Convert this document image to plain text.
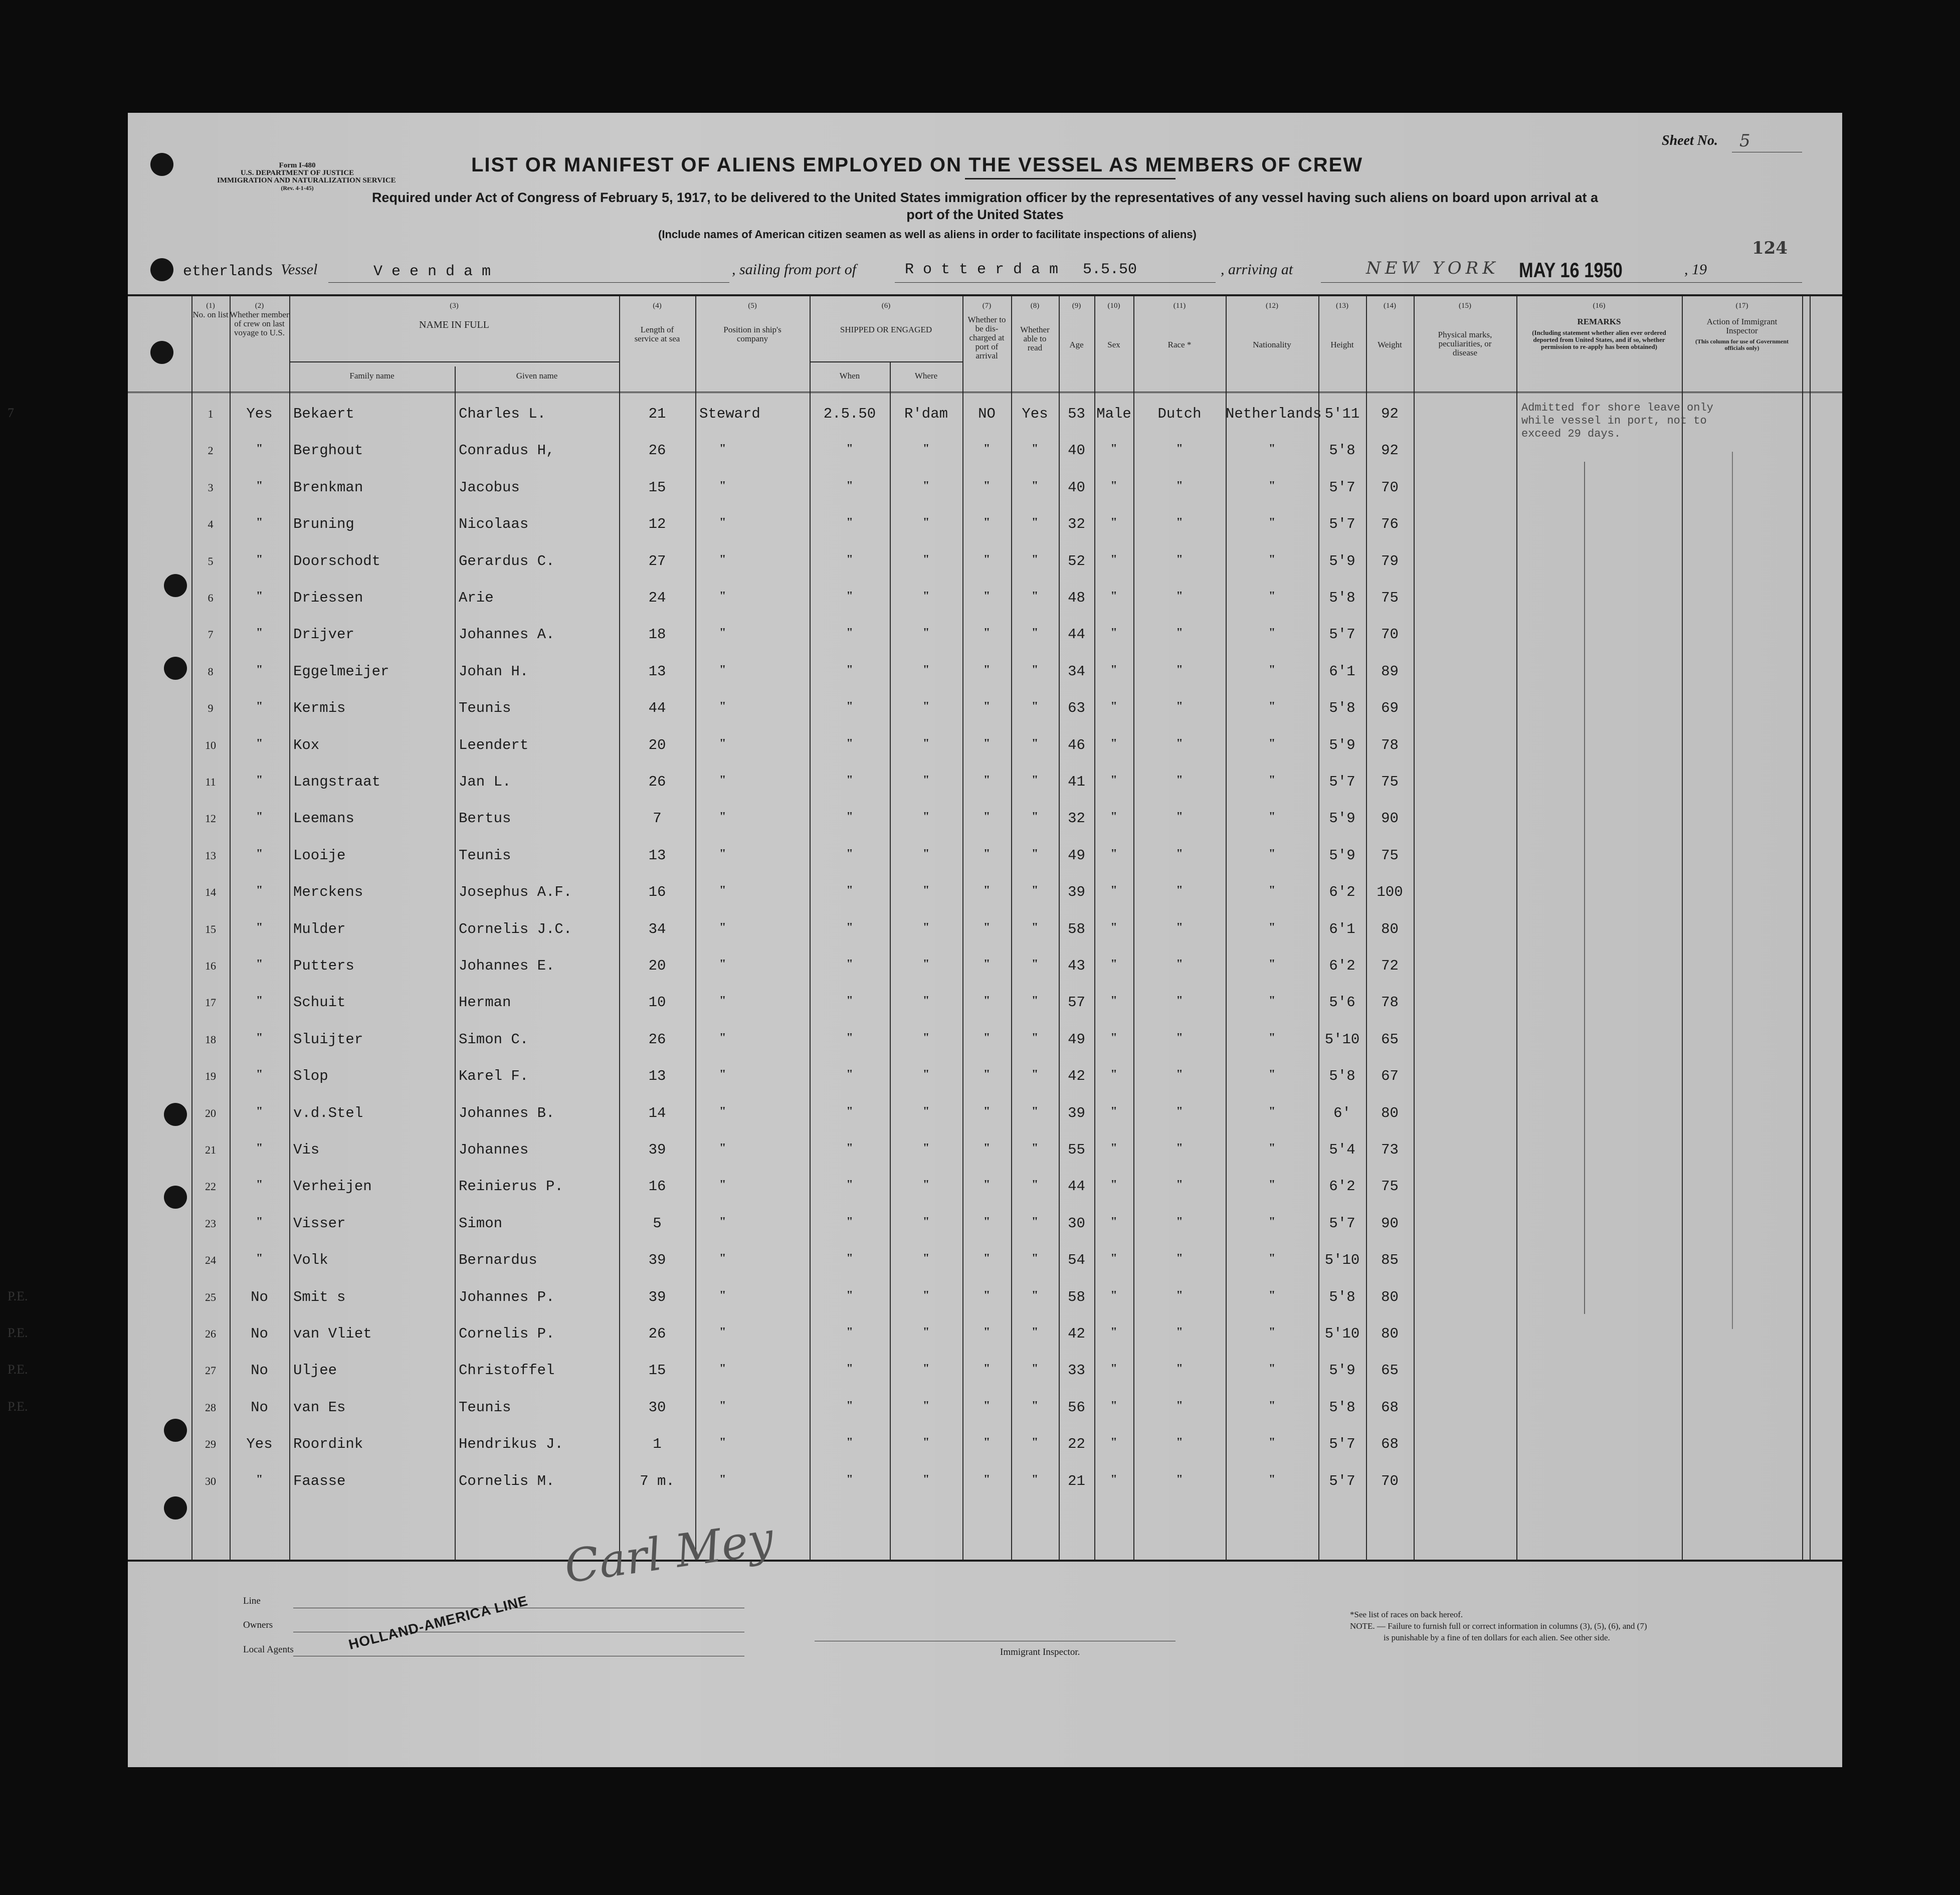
Form I-480
U.S. DEPARTMENT OF JUSTICE
IMMIGRATION AND NATURALIZATION SERVICE
(Rev. 4-1-45)
Sheet No. 5
LIST OR MANIFEST OF ALIENS EMPLOYED ON THE VESSEL AS MEMBERS OF CREW
Required under Act of Congress of February 5, 1917, to be delivered to the United States immigration officer by the representatives of any vessel having such aliens on board upon arrival at a
port of the United States
(Include names of American citizen seamen as well as aliens in order to facilitate inspections of aliens)
124
etherlands Vessel	V e e n d a m	, sailing from port of	R o t t e r d a m 5.5.50	, arriving at	NEW YORK MAY 16 1950	, 19
(1)
No. on list
(2)
Whether member of crew on last voyage to U.S.
(3)
NAME IN FULL
Family name	Given name
(4)
Length of service at sea
(5)
Position in ship's company
(6)
SHIPPED OR ENGAGED
When	Where
(7)
Whether to be dis-charged at port of arrival
(8)
Whether able to read
(9)
Age
(10)
Sex
(11)
Race *
(12)
Nationality
(13)
Height
(14)
Weight
(15)
Physical marks, peculiarities, or disease
(16)
REMARKS
(Including statement whether alien ever ordered deported from United States, and if so, whether permission to re-apply has been obtained)
(17)
Action of Immigrant Inspector
(This column for use of Government officials only)
7	1	Yes	Bekaert	Charles L.	21	Steward	2.5.50	R'dam	NO	Yes	53 Male	Dutch	Netherlands 5'11	92
2	"	Berghout	Conradus H,	26	"	"	"	"	"	40	"	"	"	5'8	92
3	"	Brenkman	Jacobus	15	"	"	"	"	"	40	"	"	"	5'7	70
4	"	Bruning	Nicolaas	12	"	"	"	"	"	32	"	"	"	5'7	76
5	"	Doorschodt	Gerardus C.	27	"	"	"	"	"	52	"	"	"	5'9	79
6	"	Driessen	Arie	24	"	"	"	"	"	48	"	"	"	5'8	75
7	"	Drijver	Johannes A.	18	"	"	"	"	"	44	"	"	"	5'7	70
8	"	Eggelmeijer	Johan H.	13	"	"	"	"	"	34	"	"	"	6'1	89
9	"	Kermis	Teunis	44	"	"	"	"	"	63	"	"	"	5'8	69
10	"	Kox	Leendert	20	"	"	"	"	"	46	"	"	"	5'9	78
11	"	Langstraat	Jan L.	26	"	"	"	"	"	41	"	"	"	5'7	75
12	"	Leemans	Bertus	7	"	"	"	"	"	32	"	"	"	5'9	90
13	"	Looije	Teunis	13	"	"	"	"	"	49	"	"	"	5'9	75
14	"	Merckens	Josephus A.F.	16	"	"	"	"	"	39	"	"	"	6'2	100
15	"	Mulder	Cornelis J.C.	34	"	"	"	"	"	58	"	"	"	6'1	80
16	"	Putters	Johannes E.	20	"	"	"	"	"	43	"	"	"	6'2	72
17	"	Schuit	Herman	10	"	"	"	"	"	57	"	"	"	5'6	78
18	"	Sluijter	Simon C.	26	"	"	"	"	"	49	"	"	"	5'10	65
19	"	Slop	Karel F.	13	"	"	"	"	"	42	"	"	"	5'8	67
20	"	v.d.Stel	Johannes B.	14	"	"	"	"	"	39	"	"	"	6'	80
21	"	Vis	Johannes	39	"	"	"	"	"	55	"	"	"	5'4	73
22	"	Verheijen	Reinierus P.	16	"	"	"	"	"	44	"	"	"	6'2	75
23	"	Visser	Simon	5	"	"	"	"	"	30	"	"	"	5'7	90
24	"	Volk	Bernardus	39	"	"	"	"	"	54	"	"	"	5'10	85
P.E.	25	No	Smit s	Johannes P.	39	"	"	"	"	"	58	"	"	"	5'8	80
P.E.	26	No	van Vliet	Cornelis P.	26	"	"	"	"	"	42	"	"	"	5'10	80
P.E.	27	No	Uljee	Christoffel	15	"	"	"	"	"	33	"	"	"	5'9	65
P.E.	28	No	van Es	Teunis	30	"	"	"	"	"	56	"	"	"	5'8	68
29	Yes	Roordink	Hendrikus J.	1	"	"	"	"	"	22	"	"	"	5'7	68
30	"	Faasse	Cornelis M.	7 m.	"	"	"	"	"	21	"	"	"	5'7	70
Admitted for shore leave only
while vessel in port, not to
exceed 29 days.
Line
Owners
Local Agents	HOLLAND-AMERICA LINE
Carl Mey
Immigrant Inspector.
*See list of races on back hereof.
NOTE. — Failure to furnish full or correct information in columns (3), (5), (6), and (7)
is punishable by a fine of ten dollars for each alien. See other side.
